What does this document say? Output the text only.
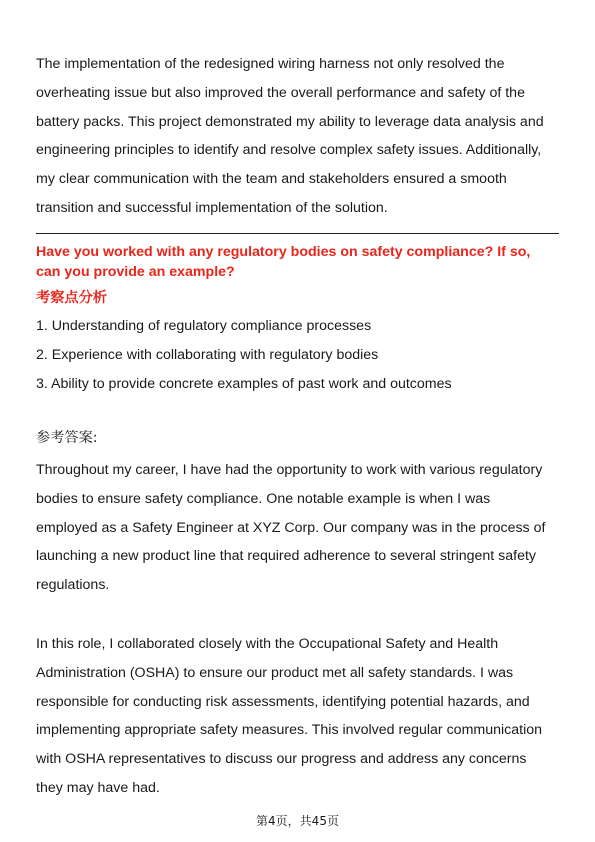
The implementation of the redesigned wiring harness not only resolved the
overheating issue but also improved the overall performance and safety of the
battery packs. This project demonstrated my ability to leverage data analysis and
engineering principles to identify and resolve complex safety issues. Additionally,
my clear communication with the team and stakeholders ensured a smooth
transition and successful implementation of the solution.
Have you worked with any regulatory bodies on safety compliance? If so,
can you provide an example?
考察点分析
1. Understanding of regulatory compliance processes
2. Experience with collaborating with regulatory bodies
3. Ability to provide concrete examples of past work and outcomes
参考答案:
Throughout my career, I have had the opportunity to work with various regulatory
bodies to ensure safety compliance. One notable example is when I was
employed as a Safety Engineer at XYZ Corp. Our company was in the process of
launching a new product line that required adherence to several stringent safety
regulations.
In this role, I collaborated closely with the Occupational Safety and Health
Administration (OSHA) to ensure our product met all safety standards. I was
responsible for conducting risk assessments, identifying potential hazards, and
implementing appropriate safety measures. This involved regular communication
with OSHA representatives to discuss our progress and address any concerns
they may have had.
第4页，共45页
